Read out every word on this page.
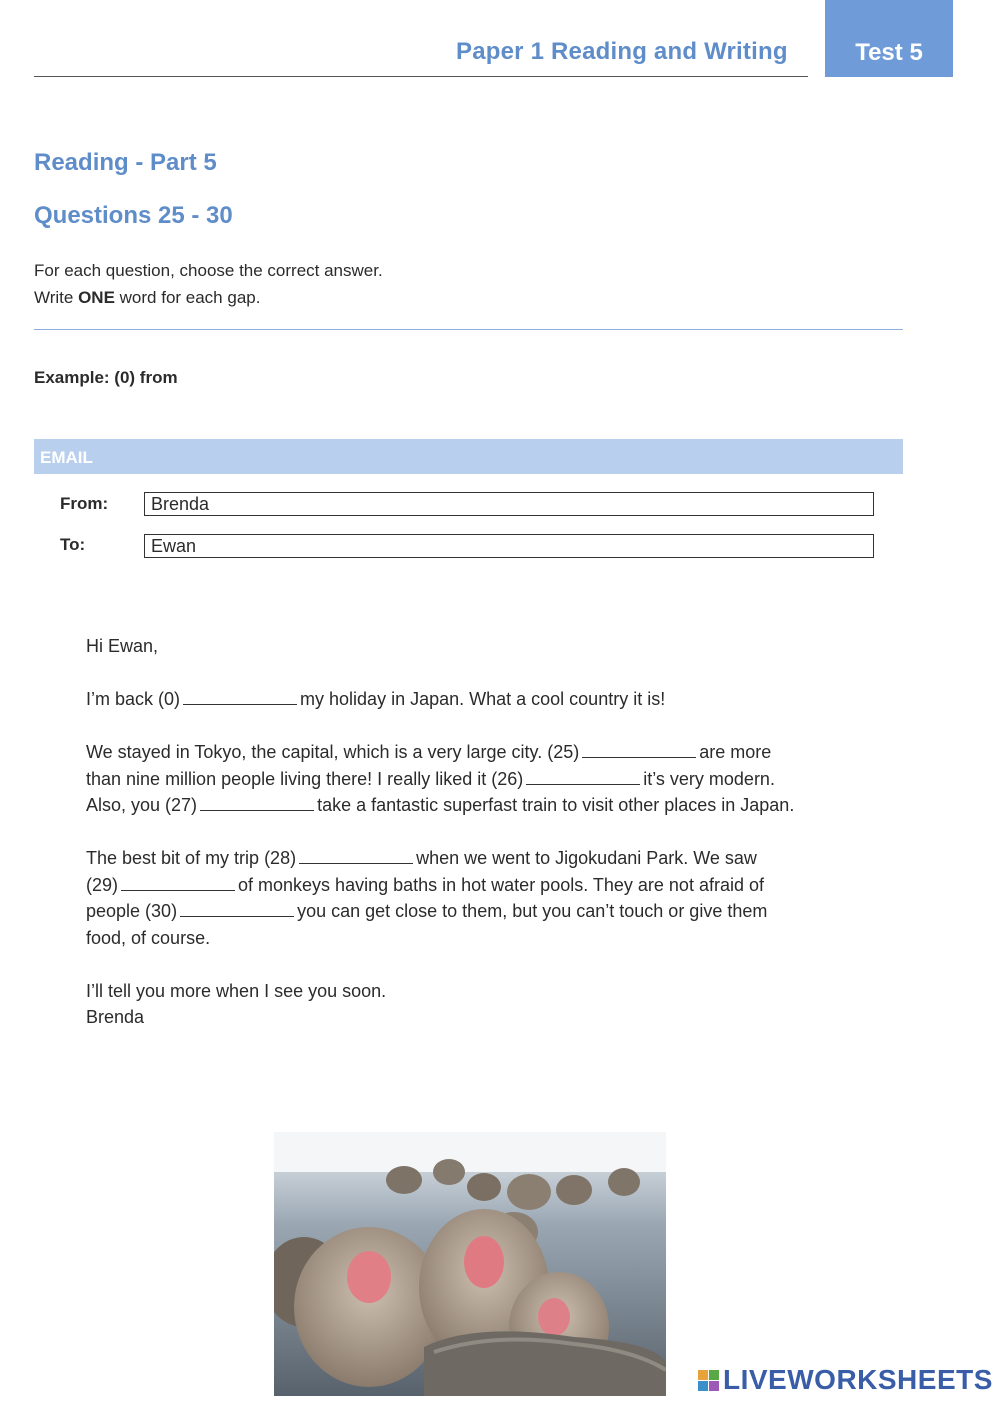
Paper 1 Reading and Writing	Test 5
Reading - Part 5
Questions 25 - 30
For each question, choose the correct answer.
Write ONE word for each gap.
Example: (0) from
EMAIL
From:	Brenda
To:	Ewan

Hi Ewan,

I’m back (0)	my holiday in Japan. What a cool country it is!

We stayed in Tokyo, the capital, which is a very large city. (25)	are more
than nine million people living there! I really liked it (26)	it’s very modern.
Also, you (27)	take a fantastic superfast train to visit other places in Japan.

The best bit of my trip (28)	when we went to Jigokudani Park. We saw
(29)	of monkeys having baths in hot water pools. They are not afraid of
people (30)	you can get close to them, but you can’t touch or give them
food, of course.

I’ll tell you more when I see you soon.
Brenda

LIVEWORKSHEETS
